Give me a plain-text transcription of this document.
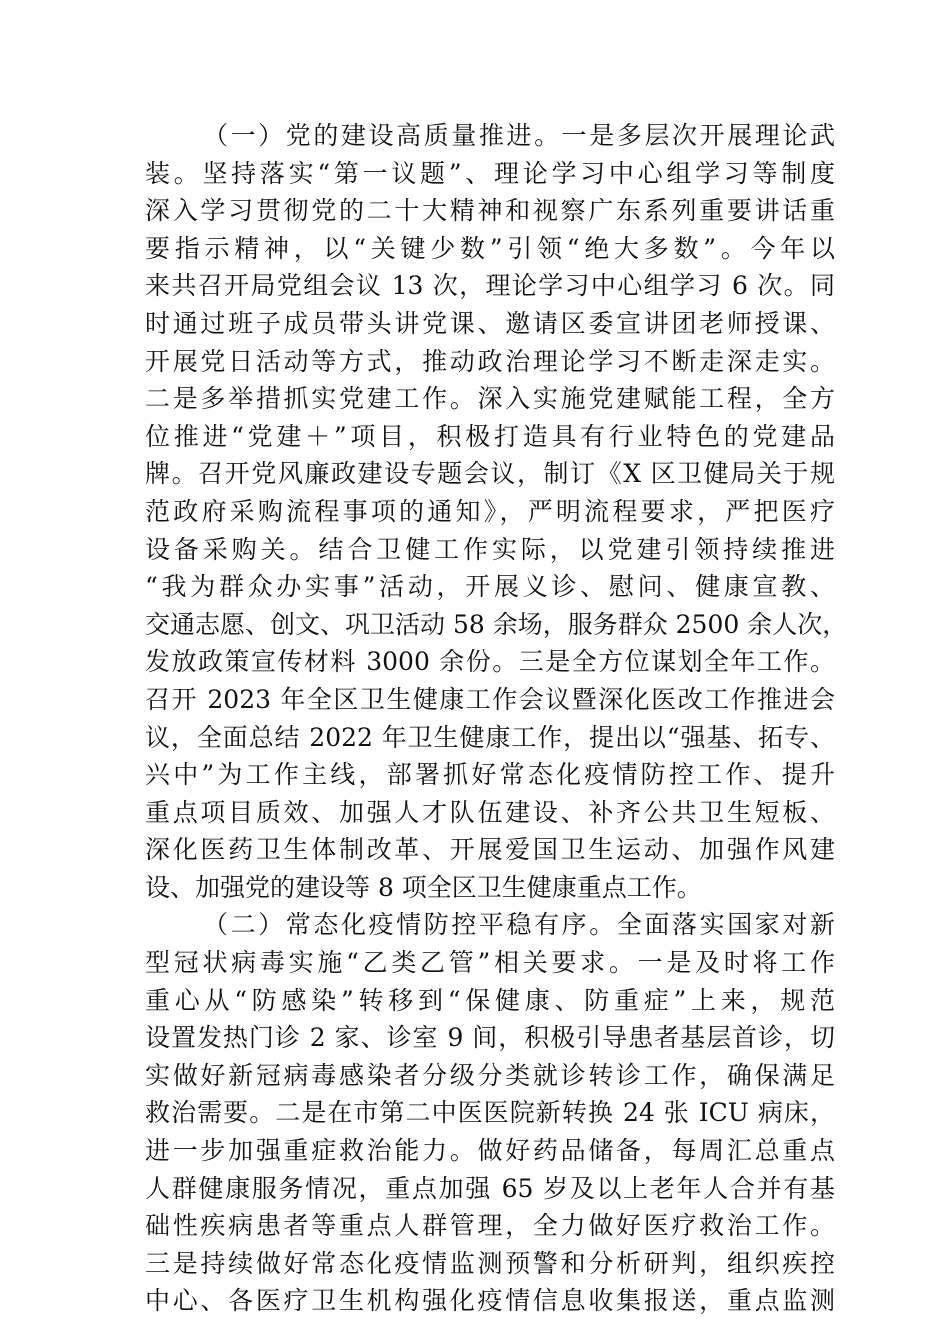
（一）党的建设高质量推进。一是多层次开展理论武
装。坚持落实“第一议题”、理论学习中心组学习等制度
深入学习贯彻党的二十大精神和视察广东系列重要讲话重
要指示精神，以“关键少数”引领“绝大多数”。今年以
来共召开局党组会议 13 次，理论学习中心组学习 6 次。同
时通过班子成员带头讲党课、邀请区委宣讲团老师授课、
开展党日活动等方式，推动政治理论学习不断走深走实。
二是多举措抓实党建工作。深入实施党建赋能工程，全方
位推进“党建＋”项目，积极打造具有行业特色的党建品
牌。召开党风廉政建设专题会议，制订《X 区卫健局关于规
范政府采购流程事项的通知》，严明流程要求，严把医疗
设备采购关。结合卫健工作实际，以党建引领持续推进
“我为群众办实事”活动，开展义诊、慰问、健康宣教、
交通志愿、创文、巩卫活动 58 余场，服务群众 2500 余人次，
发放政策宣传材料 3000 余份。三是全方位谋划全年工作。
召开 2023 年全区卫生健康工作会议暨深化医改工作推进会
议，全面总结 2022 年卫生健康工作，提出以“强基、拓专、
兴中”为工作主线，部署抓好常态化疫情防控工作、提升
重点项目质效、加强人才队伍建设、补齐公共卫生短板、
深化医药卫生体制改革、开展爱国卫生运动、加强作风建
设、加强党的建设等 8 项全区卫生健康重点工作。
（二）常态化疫情防控平稳有序。全面落实国家对新
型冠状病毒实施“乙类乙管”相关要求。一是及时将工作
重心从“防感染”转移到“保健康、防重症”上来，规范
设置发热门诊 2 家、诊室 9 间，积极引导患者基层首诊，切
实做好新冠病毒感染者分级分类就诊转诊工作，确保满足
救治需要。二是在市第二中医医院新转换 24 张 ICU 病床，
进一步加强重症救治能力。做好药品储备，每周汇总重点
人群健康服务情况，重点加强 65 岁及以上老年人合并有基
础性疾病患者等重点人群管理，全力做好医疗救治工作。
三是持续做好常态化疫情监测预警和分析研判，组织疾控
中心、各医疗卫生机构强化疫情信息收集报送，重点监测
